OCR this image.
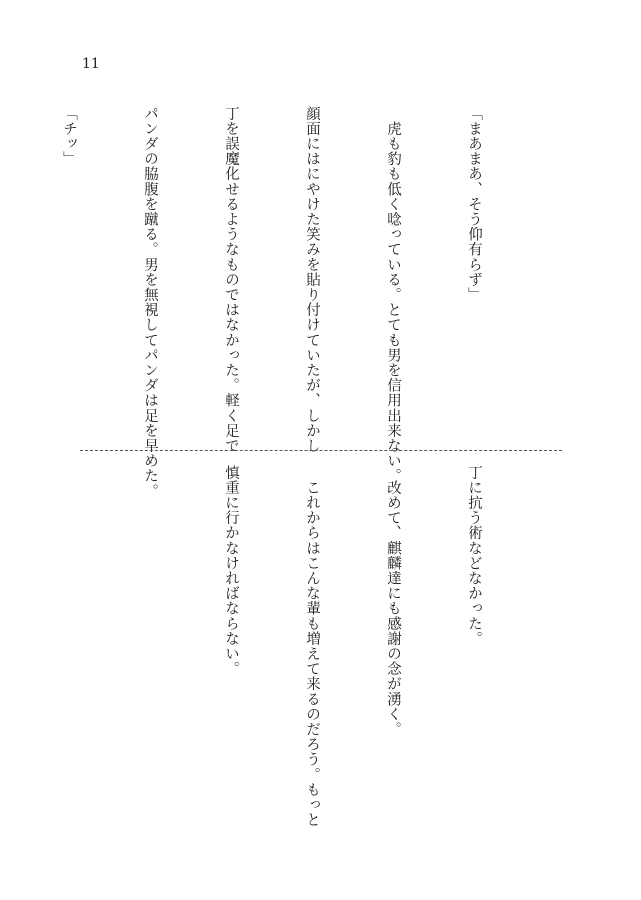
11

「まあまあ、そう仰有らず」

　虎も豹も低く唸っている。とても男を信用出来ない。

顔面にはにやけた笑みを貼り付けていたが、しかし

丁を誤魔化せるようなものではなかった。軽く足で

パンダの脇腹を蹴る。男を無視してパンダは足を早めた。

「チッ」

丁に抗う術などなかった。

　改めて、麒麟達にも感謝の念が湧く。

　これからはこんな輩も増えて来るのだろう。もっと

慎重に行かなければならない。
